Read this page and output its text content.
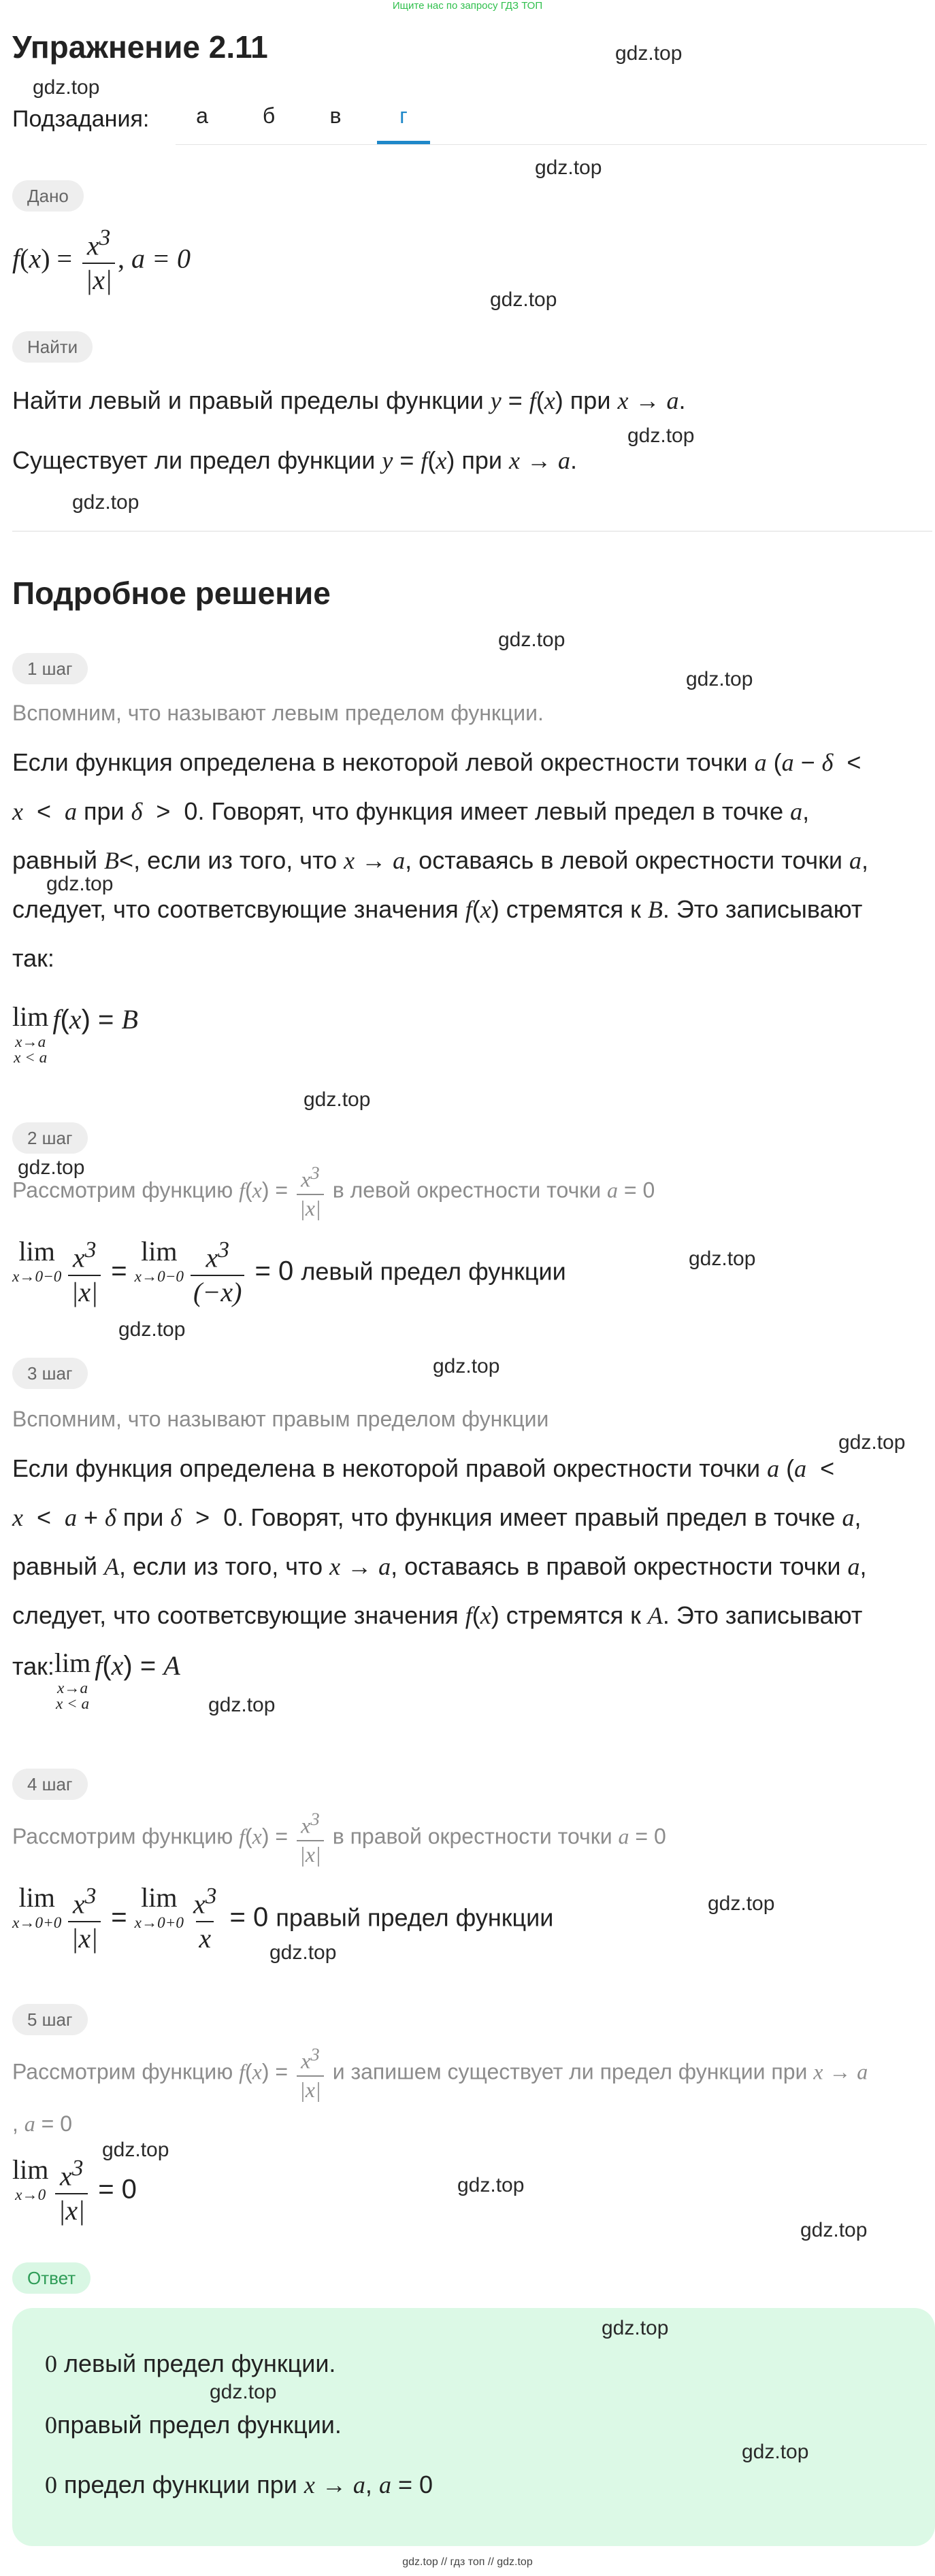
Ищите нас по запросу ГДЗ ТОП
gdz.top
gdz.top
gdz.top
gdz.top
gdz.top
gdz.top
gdz.top
gdz.top
gdz.top
gdz.top
gdz.top
gdz.top
gdz.top
gdz.top
gdz.top
gdz.top
gdz.top
gdz.top
gdz.top
gdz.top
gdz.top
Упражнение 2.11
Подзадания:	а	б	в	г
Дано
$f(x) = \frac{x^3}{|x|}$ , a = 0
Найти
Найти левый и правый пределы функции y = f(x) при x → a.
Существует ли предел функции y = f(x) при x → a.
Подробное решение
1 шаг
Вспомним, что называют левым пределом функции.
Если функция определена в некоторой левой окрестности точки a (a − δ  <
x  <  a при δ  >  0. Говорят, что функция имеет левый предел в точке a,
равный B<, если из того, что x → a, оставаясь в левой окрестности точки a,
следует, что соответсвующие значения f(x) стремятся к B. Это записывают
так:
lim
x→a
x < a
f(x) = B
2 шаг
Рассмотрим функцию $f(x) = \frac{x^3}{|x|}$ в левой окрестности точки a = 0
lim
$x\to 0-0 \frac{x^3}{|x|}$ =
lim
$x\to 0-0 \frac{x^3}{(-x)} = 0$ левый предел функции
3 шаг
Вспомним, что называют правым пределом функции
Если функция определена в некоторой правой окрестности точки a (a  <
x  <  a + δ при δ  >  0. Говорят, что функция имеет правый предел в точке a,
равный A, если из того, что x → a, оставаясь в правой окрестности точки a,
следует, что соответсвующие значения f(x) стремятся к A. Это записывают
так: lim
x→a
x < a
f(x) = A
4 шаг
Рассмотрим функцию $f(x) = \frac{x^3}{|x|}$ в правой окрестности точки a = 0
lim
$x\to 0+0 \frac{x^3}{|x|}$ =
lim
$x\to 0+0 \frac{x^3}{x} = 0$ правый предел функции
5 шаг
Рассмотрим функцию $f(x) = \frac{x^3}{|x|}$ и запишем существует ли предел функции при x → a
, a = 0
lim
$x\to 0 \frac{x^3}{|x|} = 0$
Ответ
0 левый предел функции.
0правый предел функции.
0 предел функции при x → a, a = 0
gdz.top
gdz.top
gdz.top
gdz.top // гдз топ // gdz.top
